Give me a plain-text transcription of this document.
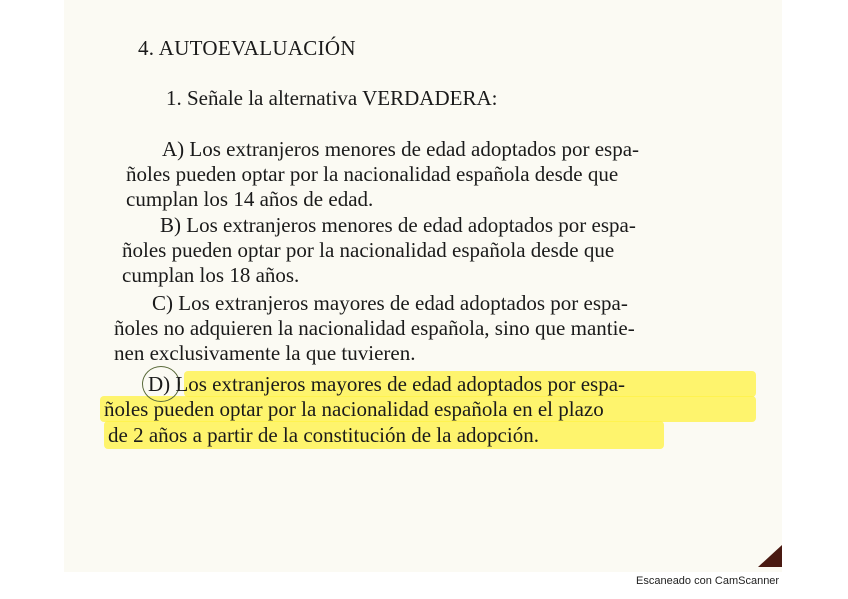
4. AUTOEVALUACIÓN
1. Señale la alternativa VERDADERA:
A) Los extranjeros menores de edad adoptados por espa-
ñoles pueden optar por la nacionalidad española desde que
cumplan los 14 años de edad.
B) Los extranjeros menores de edad adoptados por espa-
ñoles pueden optar por la nacionalidad española desde que
cumplan los 18 años.
C) Los extranjeros mayores de edad adoptados por espa-
ñoles no adquieren la nacionalidad española, sino que mantie-
nen exclusivamente la que tuvieren.
D) Los extranjeros mayores de edad adoptados por espa-
ñoles pueden optar por la nacionalidad española en el plazo
de 2 años a partir de la constitución de la adopción.
Escaneado con CamScanner
